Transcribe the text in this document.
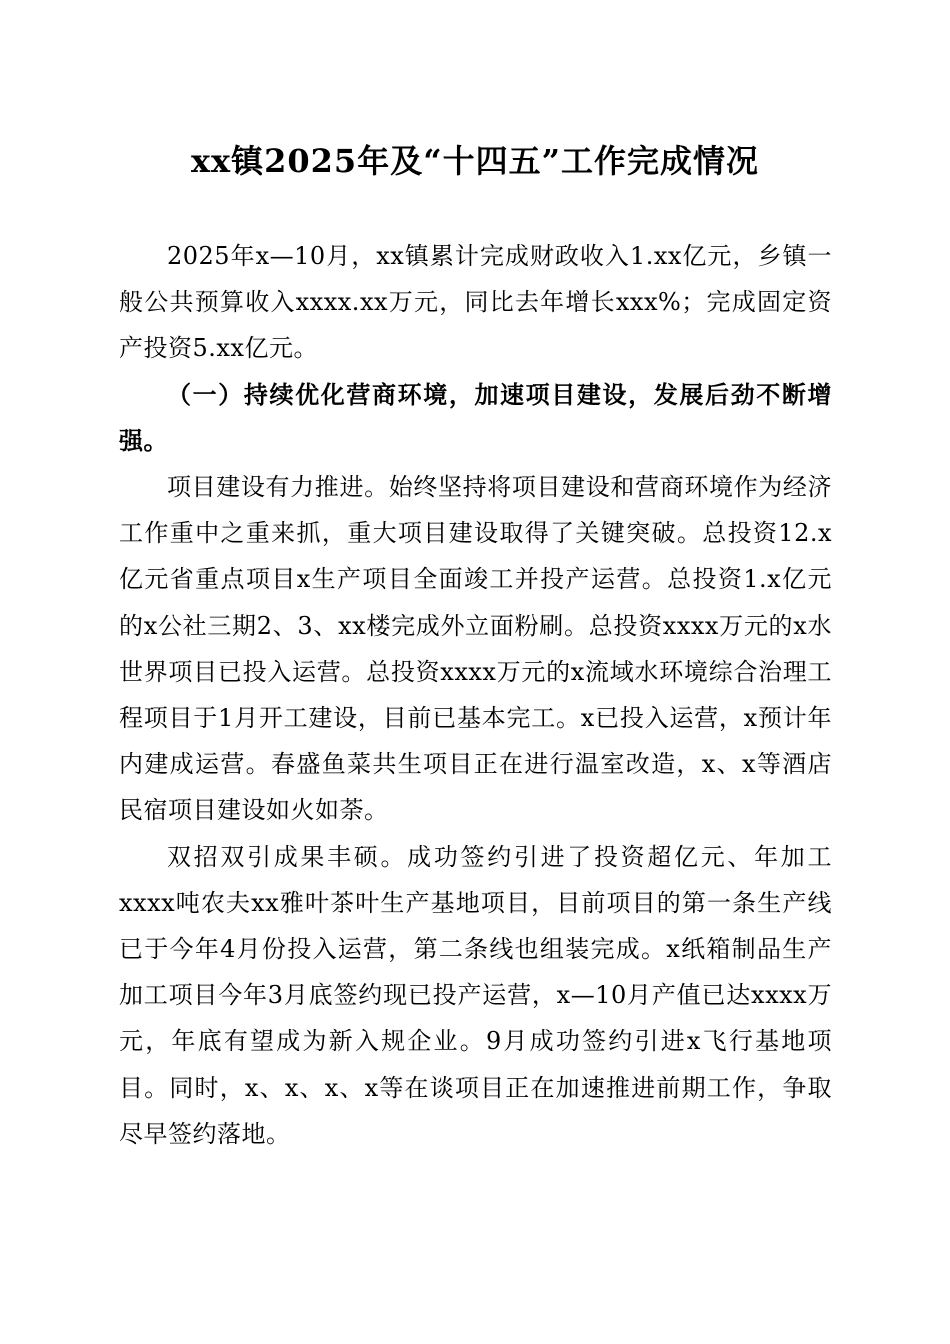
xx镇2025年及“十四五”工作完成情况

2025年x—10月，xx镇累计完成财政收入1.xx亿元，乡镇一般公共预算收入xxxx.xx万元，同比去年增长xxx%；完成固定资产投资5.xx亿元。

（一）持续优化营商环境，加速项目建设，发展后劲不断增强。

项目建设有力推进。始终坚持将项目建设和营商环境作为经济工作重中之重来抓，重大项目建设取得了关键突破。总投资12.x亿元省重点项目x生产项目全面竣工并投产运营。总投资1.x亿元的x公社三期2、3、xx楼完成外立面粉刷。总投资xxxx万元的x水世界项目已投入运营。总投资xxxx万元的x流域水环境综合治理工程项目于1月开工建设，目前已基本完工。x已投入运营，x预计年内建成运营。春盛鱼菜共生项目正在进行温室改造，x、x等酒店民宿项目建设如火如荼。

双招双引成果丰硕。成功签约引进了投资超亿元、年加工xxxx吨农夫xx雅叶茶叶生产基地项目，目前项目的第一条生产线已于今年4月份投入运营，第二条线也组装完成。x纸箱制品生产加工项目今年3月底签约现已投产运营，x—10月产值已达xxxx万元，年底有望成为新入规企业。9月成功签约引进x飞行基地项目。同时，x、x、x、x等在谈项目正在加速推进前期工作，争取尽早签约落地。
